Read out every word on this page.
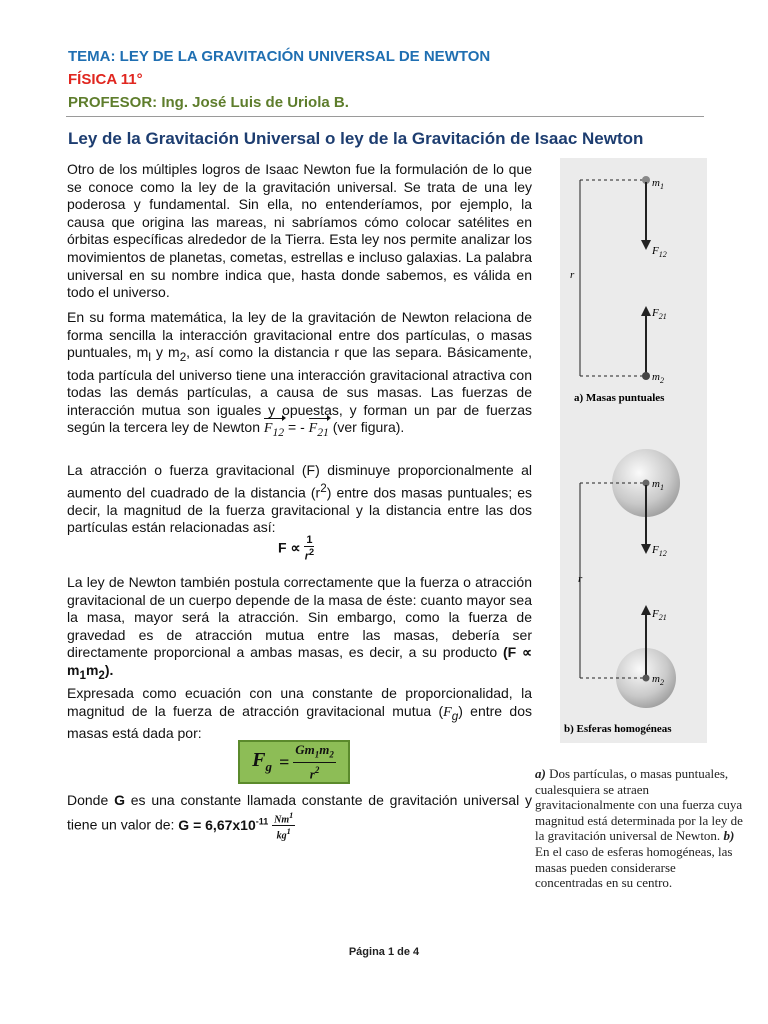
TEMA: LEY DE LA GRAVITACIÓN UNIVERSAL DE NEWTON
FÍSICA 11°
PROFESOR: Ing. José Luis de Uriola B.
Ley de la Gravitación Universal o ley de la Gravitación de Isaac Newton

Otro de los múltiples logros de Isaac Newton fue la formulación de lo que se conoce como la ley de la gravitación universal. Se trata de una ley poderosa y fundamental. Sin ella, no entenderíamos, por ejemplo, la causa que origina las mareas, ni sabríamos cómo colocar satélites en órbitas específicas alrededor de la Tierra. Esta ley nos permite analizar los movimientos de planetas, cometas, estrellas e incluso galaxias. La palabra universal en su nombre indica que, hasta donde sabemos, es válida en todo el universo.

En su forma matemática, la ley de la gravitación de Newton relaciona de forma sencilla la interacción gravitacional entre dos partículas, o masas puntuales, $m_l$ y $m_2$, así como la distancia r que las separa. Básicamente, toda partícula del universo tiene una interacción gravitacional atractiva con todas las demás partículas, a causa de sus masas. Las fuerzas de interacción mutua son iguales y opuestas, y forman un par de fuerzas según la tercera ley de Newton $F_{12}$ = - $F_{21}$ (ver figura).

La atracción o fuerza gravitacional (F) disminuye proporcionalmente al aumento del cuadrado de la distancia $(r^2)$ entre dos masas puntuales; es decir, la magnitud de la fuerza gravitacional y la distancia entre las dos partículas están relacionadas así:

$F \propto \frac{1}{r^2}$

La ley de Newton también postula correctamente que la fuerza o atracción gravitacional de un cuerpo depende de la masa de éste: cuanto mayor sea la masa, mayor será la atracción. Sin embargo, como la fuerza de gravedad es de atracción mutua entre las masas, debería ser directamente proporcional a ambas masas, es decir, a su producto $(F \propto m_1m_2)$.

Expresada como ecuación con una constante de proporcionalidad, la magnitud de la fuerza de atracción gravitacional mutua $(F_g)$ entre dos masas está dada por:

$F_g = \frac{Gm_1m_2}{r^2}$

Donde G es una constante llamada constante de gravitación universal y tiene un valor de: $G = 6,67x10^{-11} \frac{Nm^1}{kg^1}$

r
$m_1$
$F_{12}$
$F_{21}$
$m_2$
a) Masas puntuales
r
$m_1$
$F_{12}$
$F_{21}$
$m_2$
b) Esferas homogéneas

a) Dos partículas, o masas puntuales, cualesquiera se atraen gravitacionalmente con una fuerza cuya magnitud está determinada por la ley de la gravitación universal de Newton. b) En el caso de esferas homogéneas, las masas pueden considerarse concentradas en su centro.

Página 1 de 4
